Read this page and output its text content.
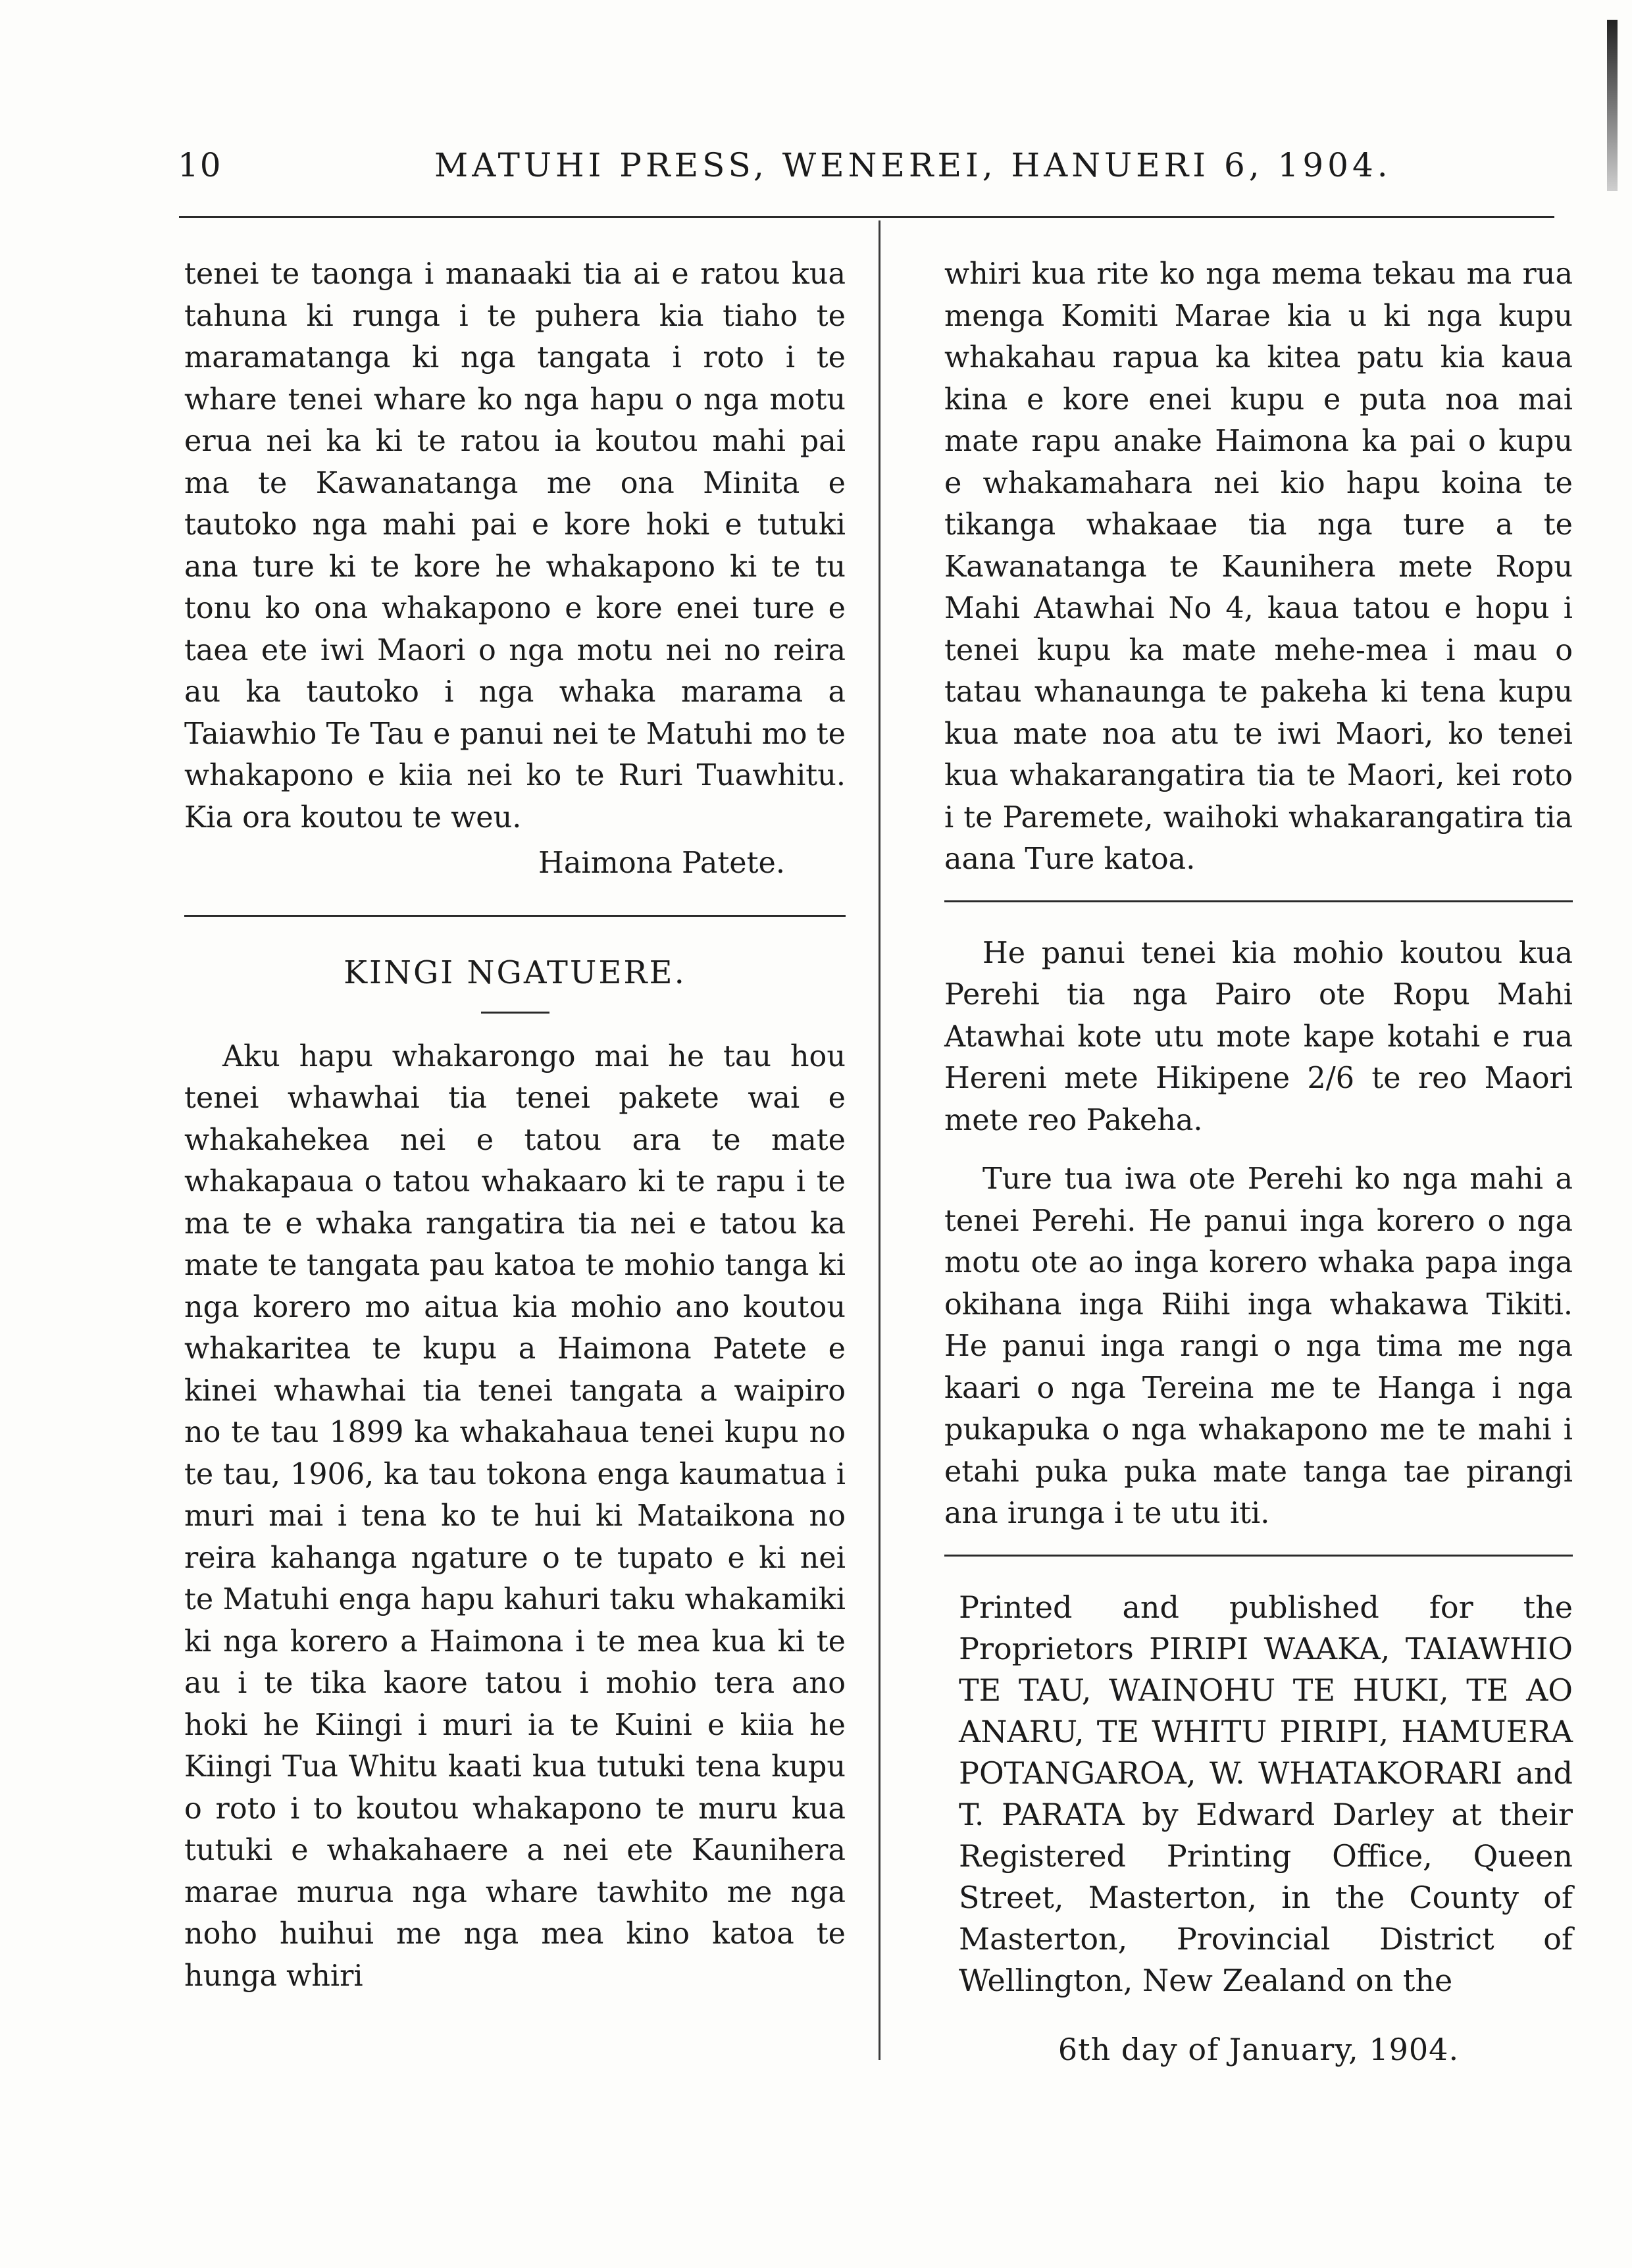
10	MATUHI PRESS, WENEREI, HANUERI 6, 1904.

tenei te taonga i manaaki tia ai e ratou kua tahuna ki runga i te puhera kia tiaho te maramatanga ki nga tangata i roto i te whare tenei whare ko nga hapu o nga motu erua nei ka ki te ratou ia koutou mahi pai ma te Kawanatanga me ona Minita e tautoko nga mahi pai e kore hoki e tutuki ana ture ki te kore he whakapono ki te tu tonu ko ona whakapono e kore enei ture e taea ete iwi Maori o nga motu nei no reira au ka tautoko i nga whaka marama a Taiawhio Te Tau e panui nei te Matuhi mo te whakapono e kiia nei ko te Ruri Tuawhitu. Kia ora koutou te weu.

Haimona Patete.

KINGI NGATUERE.

Aku hapu whakarongo mai he tau hou tenei whawhai tia tenei pakete wai e whakahekea nei e tatou ara te mate whakapaua o tatou whakaaro ki te rapu i te ma te e whaka rangatira tia nei e tatou ka mate te tangata pau katoa te mohio tanga ki nga korero mo aitua kia mohio ano koutou whakaritea te kupu a Haimona Patete e kinei whawhai tia tenei tangata a waipiro no te tau 1899 ka whakahaua tenei kupu no te tau, 1906, ka tau tokona enga kaumatua i muri mai i tena ko te hui ki Mataikona no reira kahanga ngature o te tupato e ki nei te Matuhi enga hapu kahuri taku whakamiki ki nga korero a Haimona i te mea kua ki te au i te tika kaore tatou i mohio tera ano hoki he Kiingi i muri ia te Kuini e kiia he Kiingi Tua Whitu kaati kua tutuki tena kupu o roto i to koutou whakapono te muru kua tutuki e whakahaere a nei ete Kaunihera marae murua nga whare tawhito me nga noho huihui me nga mea kino katoa te hunga whiri

whiri kua rite ko nga mema tekau ma rua menga Komiti Marae kia u ki nga kupu whakahau rapua ka kitea patu kia kaua kina e kore enei kupu e puta noa mai mate rapu anake Haimona ka pai o kupu e whakamahara nei kio hapu koina te tikanga whakaae tia nga ture a te Kawanatanga te Kaunihera mete Ropu Mahi Atawhai No 4, kaua tatou e hopu i tenei kupu ka mate mehe-mea i mau o tatau whanaunga te pakeha ki tena kupu kua mate noa atu te iwi Maori, ko tenei kua whakarangatira tia te Maori, kei roto i te Paremete, waihoki whakarangatira tia aana Ture katoa.

He panui tenei kia mohio koutou kua Perehi tia nga Pairo ote Ropu Mahi Atawhai kote utu mote kape kotahi e rua Hereni mete Hikipene 2/6 te reo Maori mete reo Pakeha.

Ture tua iwa ote Perehi ko nga mahi a tenei Perehi. He panui inga korero o nga motu ote ao inga korero whaka papa inga okihana inga Riihi inga whakawa Tikiti. He panui inga rangi o nga tima me nga kaari o nga Tereina me te Hanga i nga pukapuka o nga whakapono me te mahi i etahi puka puka mate tanga tae pirangi ana irunga i te utu iti.

Printed and published for the Proprietors PIRIPI WAAKA, TAIAWHIO TE TAU, WAINOHU TE HUKI, TE AO ANARU, TE WHITU PIRIPI, HAMUERA POTANGAROA, W. WHATAKORARI and T. PARATA by Edward Darley at their Registered Printing Office, Queen Street, Masterton, in the County of Masterton, Provincial District of Wellington, New Zealand on the

6th day of January, 1904.
